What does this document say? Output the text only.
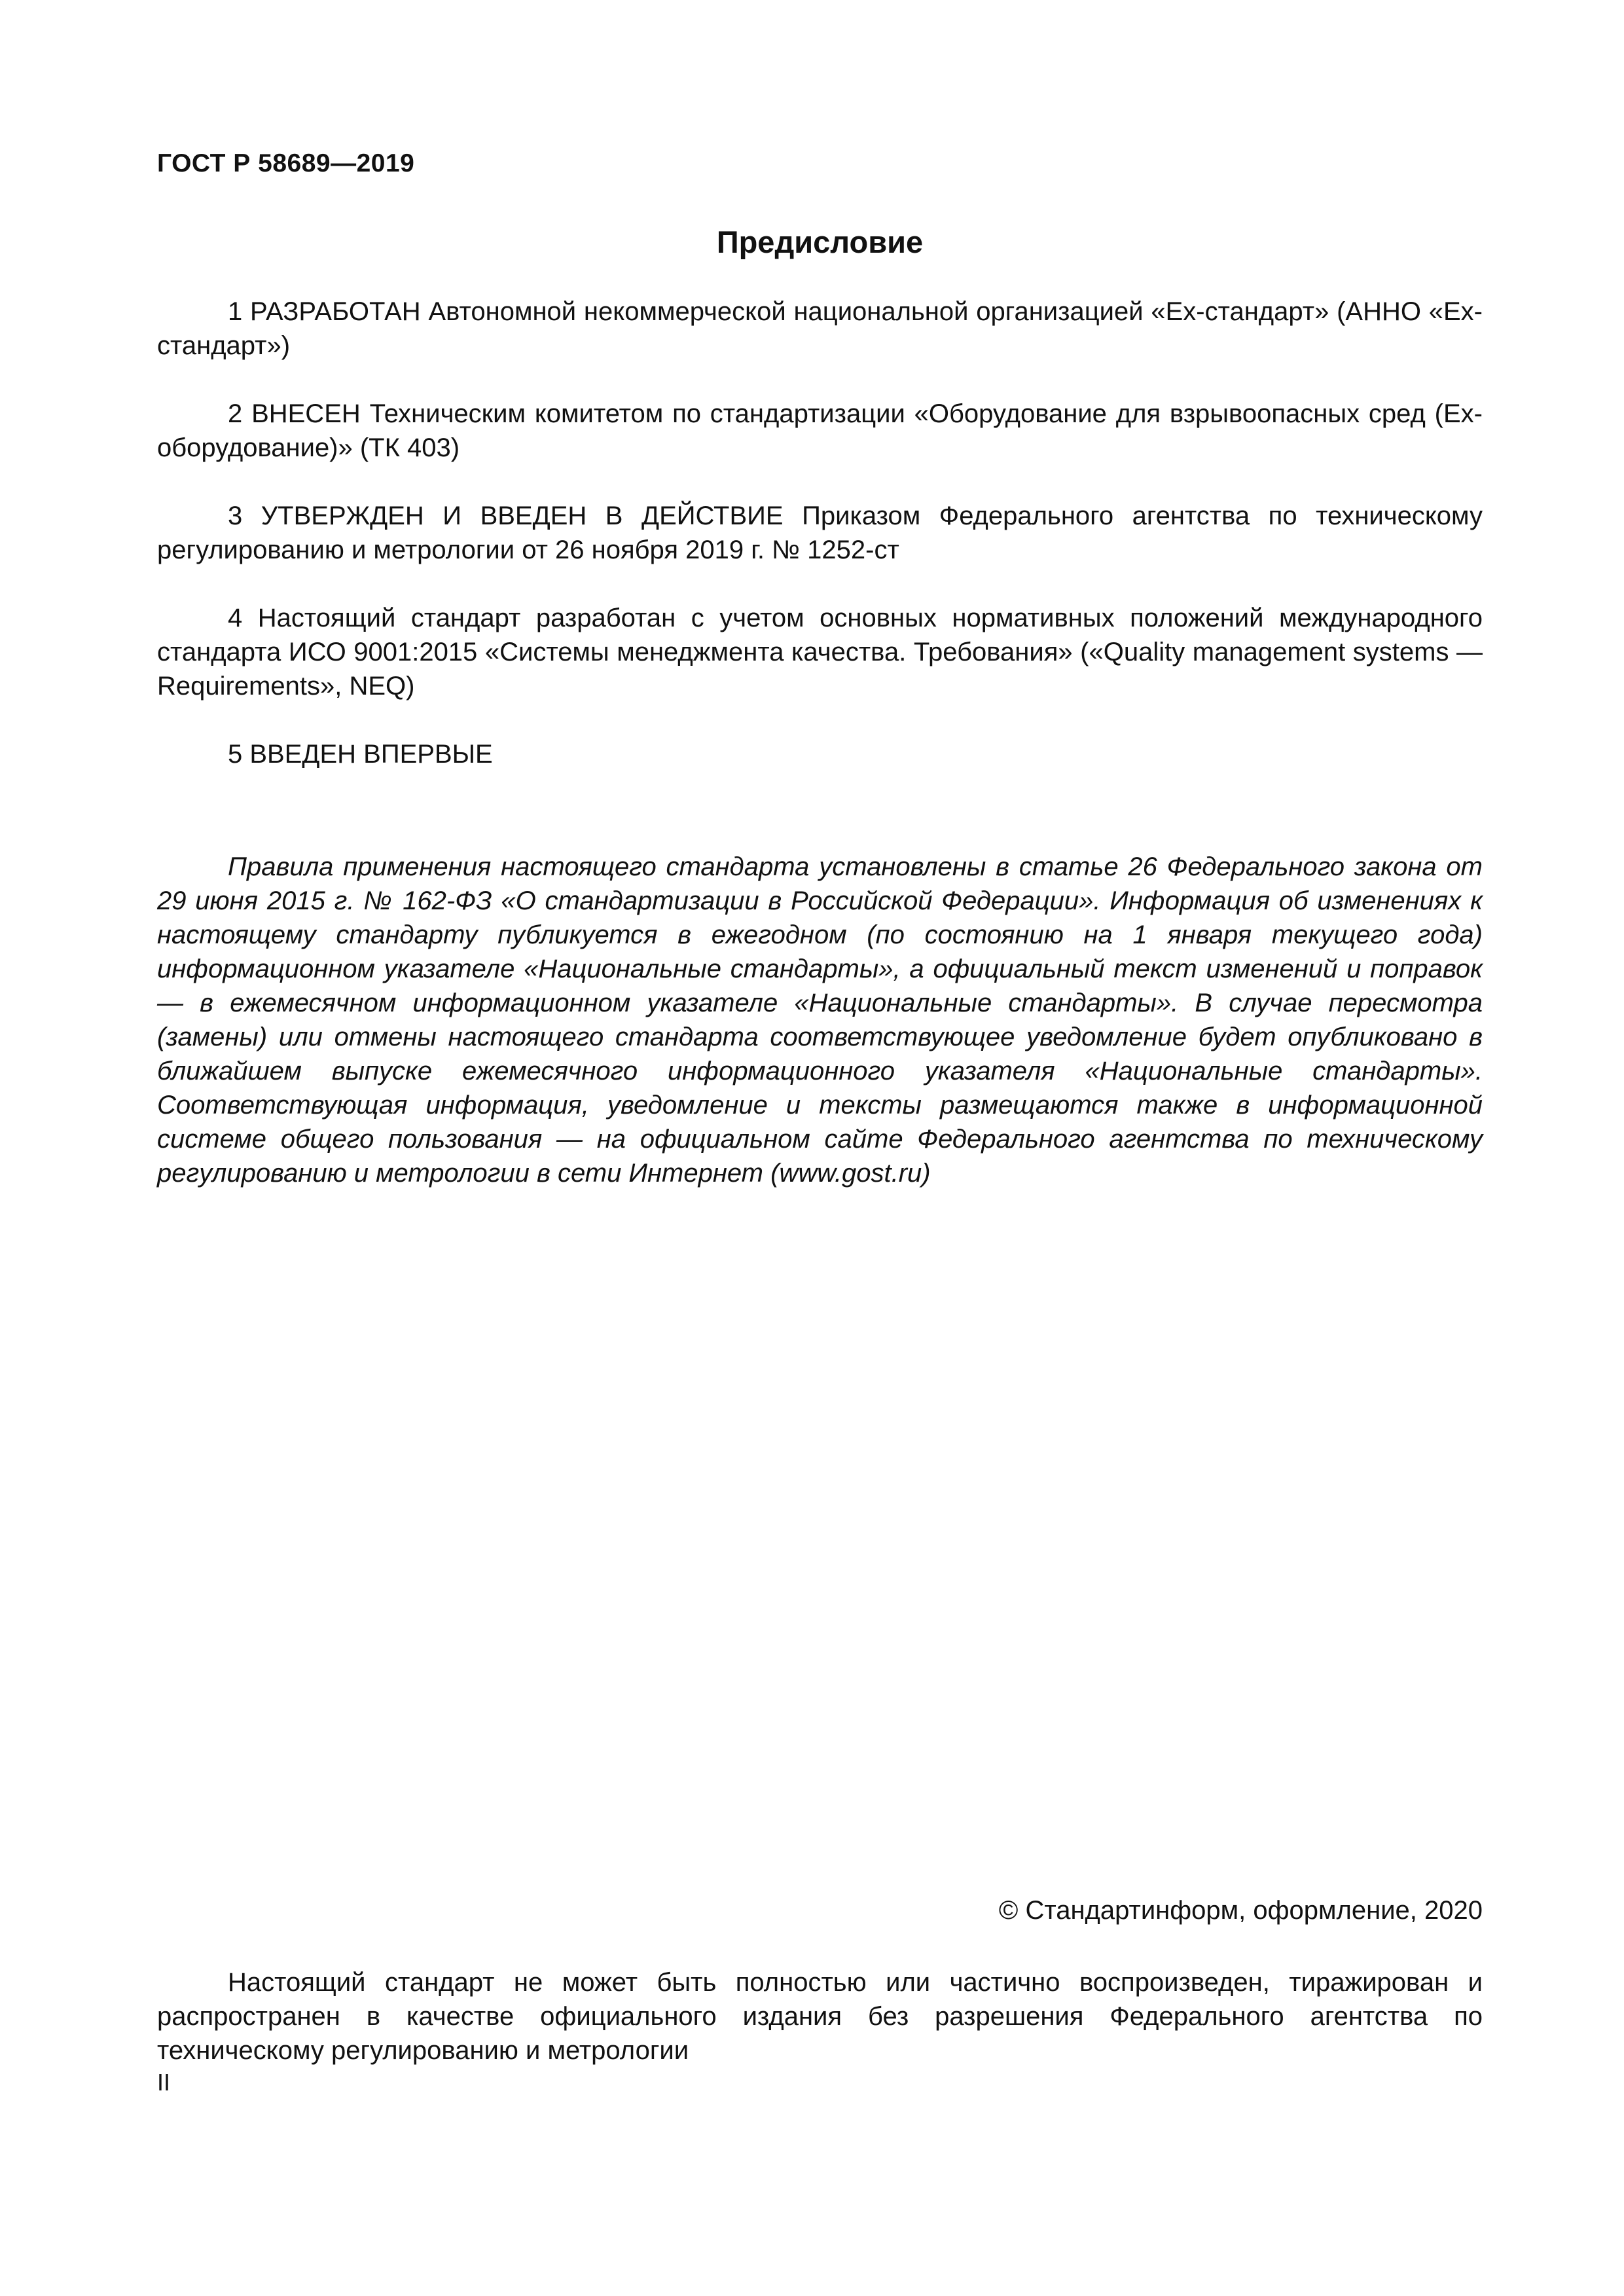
ГОСТ Р 58689—2019
Предисловие

1 РАЗРАБОТАН Автономной некоммерческой национальной организацией «Ех-стандарт» (АННО «Ех-стандарт»)

2 ВНЕСЕН Техническим комитетом по стандартизации «Оборудование для взрывоопасных сред (Ех-оборудование)» (ТК 403)

3 УТВЕРЖДЕН И ВВЕДЕН В ДЕЙСТВИЕ Приказом Федерального агентства по техническому регулированию и метрологии от 26 ноября 2019 г. № 1252-ст

4 Настоящий стандарт разработан с учетом основных нормативных положений международного стандарта ИСО 9001:2015 «Системы менеджмента качества. Требования» («Quality management systems — Requirements», NEQ)

5 ВВЕДЕН ВПЕРВЫЕ

Правила применения настоящего стандарта установлены в статье 26 Федерального закона от 29 июня 2015 г. № 162-ФЗ «О стандартизации в Российской Федерации». Информация об изменениях к настоящему стандарту публикуется в ежегодном (по состоянию на 1 января текущего года) информационном указателе «Национальные стандарты», а официальный текст изменений и поправок — в ежемесячном информационном указателе «Национальные стандарты». В случае пересмотра (замены) или отмены настоящего стандарта соответствующее уведомление будет опубликовано в ближайшем выпуске ежемесячного информационного указателя «Национальные стандарты». Соответствующая информация, уведомление и тексты размещаются также в информационной системе общего пользования — на официальном сайте Федерального агентства по техническому регулированию и метрологии в сети Интернет (www.gost.ru)

© Стандартинформ, оформление, 2020

Настоящий стандарт не может быть полностью или частично воспроизведен, тиражирован и распространен в качестве официального издания без разрешения Федерального агентства по техническому регулированию и метрологии

II
